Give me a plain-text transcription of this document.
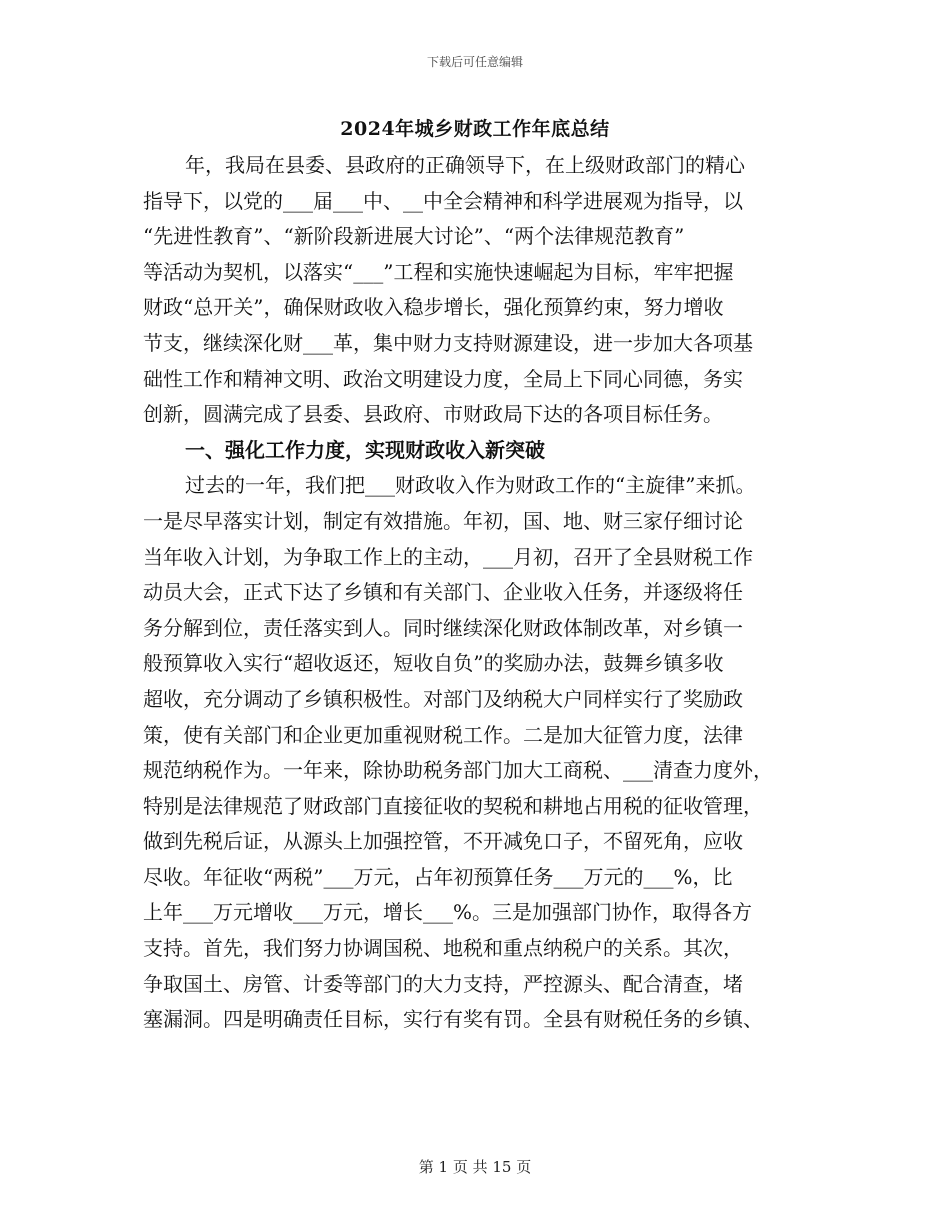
下载后可任意编辑
2024年城乡财政工作年底总结
年，我局在县委、县政府的正确领导下，在上级财政部门的精心
指导下，以党的___届___中、__中全会精神和科学进展观为指导，以
“先进性教育”、“新阶段新进展大讨论”、“两个法律规范教育”
等活动为契机，以落实“___”工程和实施快速崛起为目标，牢牢把握
财政“总开关”，确保财政收入稳步增长，强化预算约束，努力增收
节支，继续深化财___革，集中财力支持财源建设，进一步加大各项基
础性工作和精神文明、政治文明建设力度，全局上下同心同德，务实
创新，圆满完成了县委、县政府、市财政局下达的各项目标任务。
一、强化工作力度，实现财政收入新突破
过去的一年，我们把___财政收入作为财政工作的“主旋律”来抓。
一是尽早落实计划，制定有效措施。年初，国、地、财三家仔细讨论
当年收入计划，为争取工作上的主动，___月初，召开了全县财税工作
动员大会，正式下达了乡镇和有关部门、企业收入任务，并逐级将任
务分解到位，责任落实到人。同时继续深化财政体制改革，对乡镇一
般预算收入实行“超收返还，短收自负”的奖励办法，鼓舞乡镇多收
超收，充分调动了乡镇积极性。对部门及纳税大户同样实行了奖励政
策，使有关部门和企业更加重视财税工作。二是加大征管力度，法律
规范纳税作为。一年来，除协助税务部门加大工商税、___清查力度外，
特别是法律规范了财政部门直接征收的契税和耕地占用税的征收管理，
做到先税后证，从源头上加强控管，不开减免口子，不留死角，应收
尽收。年征收“两税”___万元，占年初预算任务___万元的___%，比
上年___万元增收___万元，增长___%。三是加强部门协作，取得各方
支持。首先，我们努力协调国税、地税和重点纳税户的关系。其次，
争取国土、房管、计委等部门的大力支持，严控源头、配合清查，堵
塞漏洞。四是明确责任目标，实行有奖有罚。全县有财税任务的乡镇、
第 1 页 共 15 页
